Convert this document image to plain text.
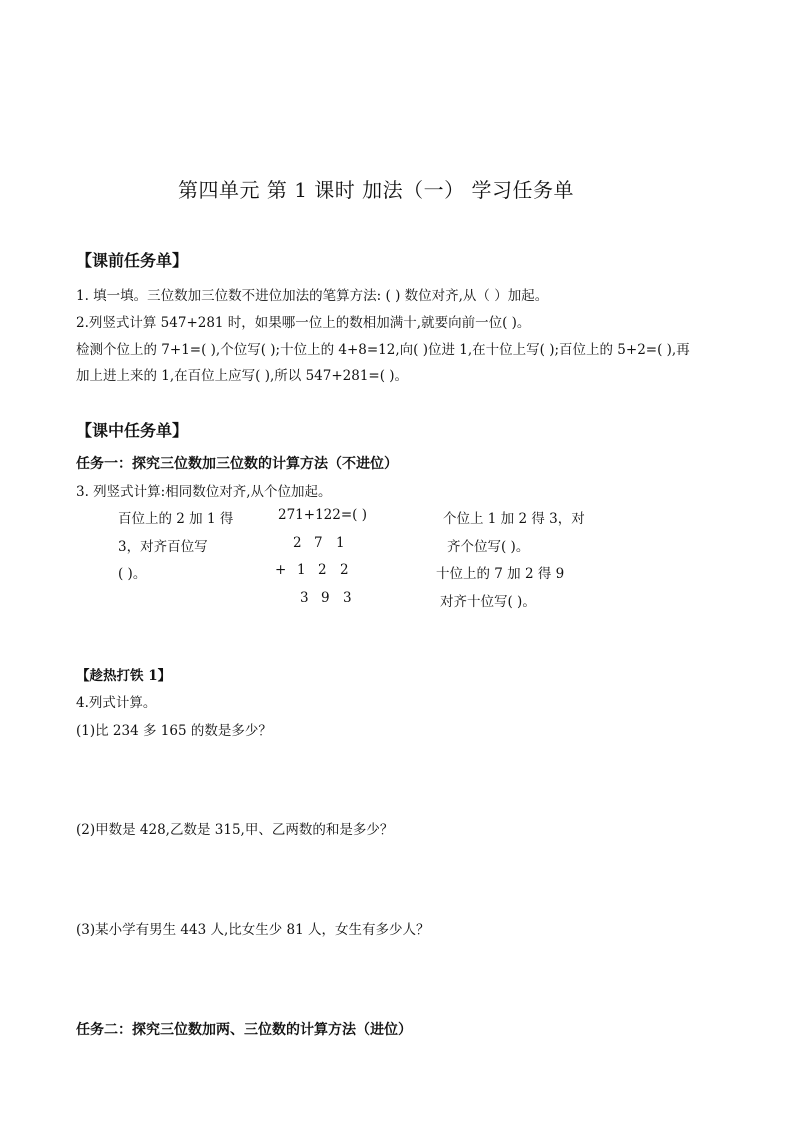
第四单元 第 1 课时 加法（一） 学习任务单
【课前任务单】
1. 填一填。三位数加三位数不进位加法的笔算方法: ( ) 数位对齐,从（ ）加起。
2.列竖式计算 547+281 时，如果哪一位上的数相加满十,就要向前一位( )。
检测个位上的 7+1=( ),个位写( );十位上的 4+8=12,向( )位进 1,在十位上写( );百位上的 5+2=( ),再
加上进上来的 1,在百位上应写( ),所以 547+281=( )。
【课中任务单】
任务一：探究三位数加三位数的计算方法（不进位）
3. 列竖式计算:相同数位对齐,从个位加起。
百位上的 2 加 1 得
3，对齐百位写
( )。
271+122=( )
2 7 1
+ 1 2 2
3 9 3
个位上 1 加 2 得 3，对
齐个位写( )。
十位上的 7 加 2 得 9
对齐十位写( )。
【趁热打铁 1】
4.列式计算。
(1)比 234 多 165 的数是多少？
(2)甲数是 428,乙数是 315,甲、乙两数的和是多少？
(3)某小学有男生 443 人,比女生少 81 人，女生有多少人？
任务二：探究三位数加两、三位数的计算方法（进位）
